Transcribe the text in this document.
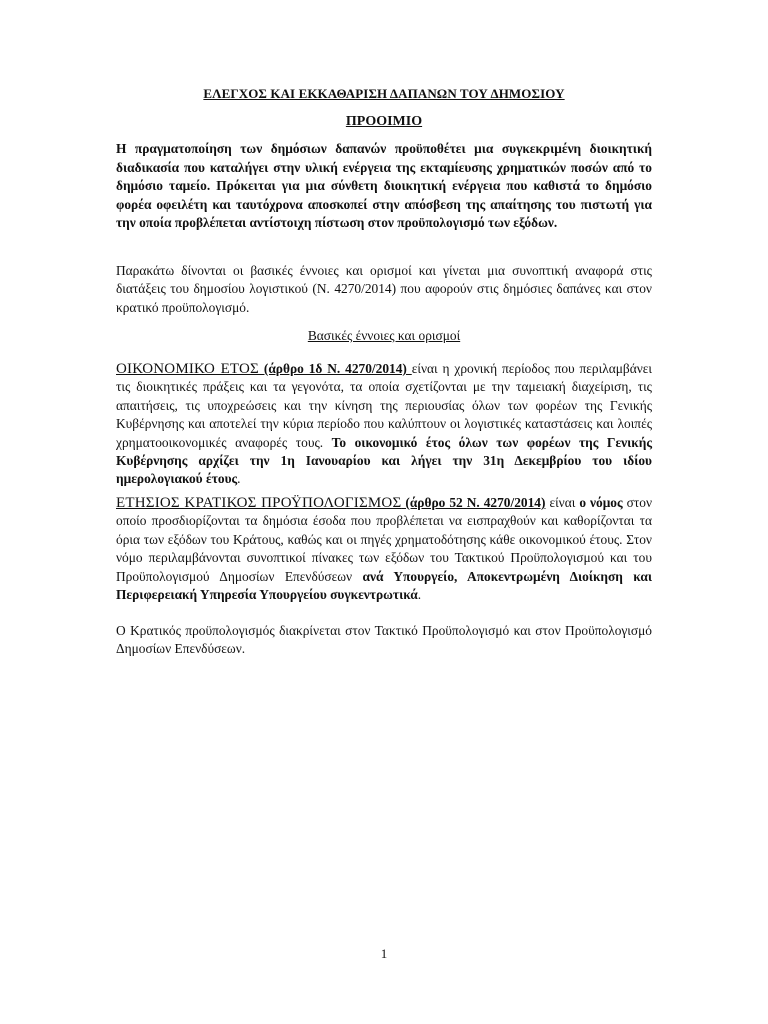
ΕΛΕΓΧΟΣ ΚΑΙ ΕΚΚΑΘΑΡΙΣΗ ΔΑΠΑΝΩΝ ΤΟΥ ΔΗΜΟΣΙΟΥ
ΠΡΟΟΙΜΙΟ

Η πραγματοποίηση των δημόσιων δαπανών προϋποθέτει μια συγκεκριμένη διοικητική διαδικασία που καταλήγει στην υλική ενέργεια της εκταμίευσης χρηματικών ποσών από το δημόσιο ταμείο. Πρόκειται για μια σύνθετη διοικητική ενέργεια που καθιστά το δημόσιο φορέα οφειλέτη και ταυτόχρονα αποσκοπεί στην απόσβεση της απαίτησης του πιστωτή για την οποία προβλέπεται αντίστοιχη πίστωση στον προϋπολογισμό των εξόδων.

Παρακάτω δίνονται οι βασικές έννοιες και ορισμοί και γίνεται μια συνοπτική αναφορά στις διατάξεις του δημοσίου λογιστικού (Ν. 4270/2014) που αφορούν στις δημόσιες δαπάνες και στον κρατικό προϋπολογισμό.

Βασικές έννοιες και ορισμοί

ΟΙΚΟΝΟΜΙΚΟ ΕΤΟΣ (άρθρο 1δ Ν. 4270/2014) είναι η χρονική περίοδος που περιλαμβάνει τις διοικητικές πράξεις και τα γεγονότα, τα οποία σχετίζονται με την ταμειακή διαχείριση, τις απαιτήσεις, τις υποχρεώσεις και την κίνηση της περιουσίας όλων των φορέων της Γενικής Κυβέρνησης και αποτελεί την κύρια περίοδο που καλύπτουν οι λογιστικές καταστάσεις και λοιπές χρηματοοικονομικές αναφορές τους. Το οικονομικό έτος όλων των φορέων της Γενικής Κυβέρνησης αρχίζει την 1η Ιανουαρίου και λήγει την 31η Δεκεμβρίου του ιδίου ημερολογιακού έτους.

ΕΤΗΣΙΟΣ ΚΡΑΤΙΚΟΣ ΠΡΟΫΠΟΛΟΓΙΣΜΟΣ (άρθρο 52 Ν. 4270/2014) είναι ο νόμος στον οποίο προσδιορίζονται τα δημόσια έσοδα που προβλέπεται να εισπραχθούν και καθορίζονται τα όρια των εξόδων του Κράτους, καθώς και οι πηγές χρηματοδότησης κάθε οικονομικού έτους. Στον νόμο περιλαμβάνονται συνοπτικοί πίνακες των εξόδων του Τακτικού Προϋπολογισμού και του Προϋπολογισμού Δημοσίων Επενδύσεων ανά Υπουργείο, Αποκεντρωμένη Διοίκηση και Περιφερειακή Υπηρεσία Υπουργείου συγκεντρωτικά.

Ο Κρατικός προϋπολογισμός διακρίνεται στον Τακτικό Προϋπολογισμό και στον Προϋπολογισμό Δημοσίων Επενδύσεων.

1
